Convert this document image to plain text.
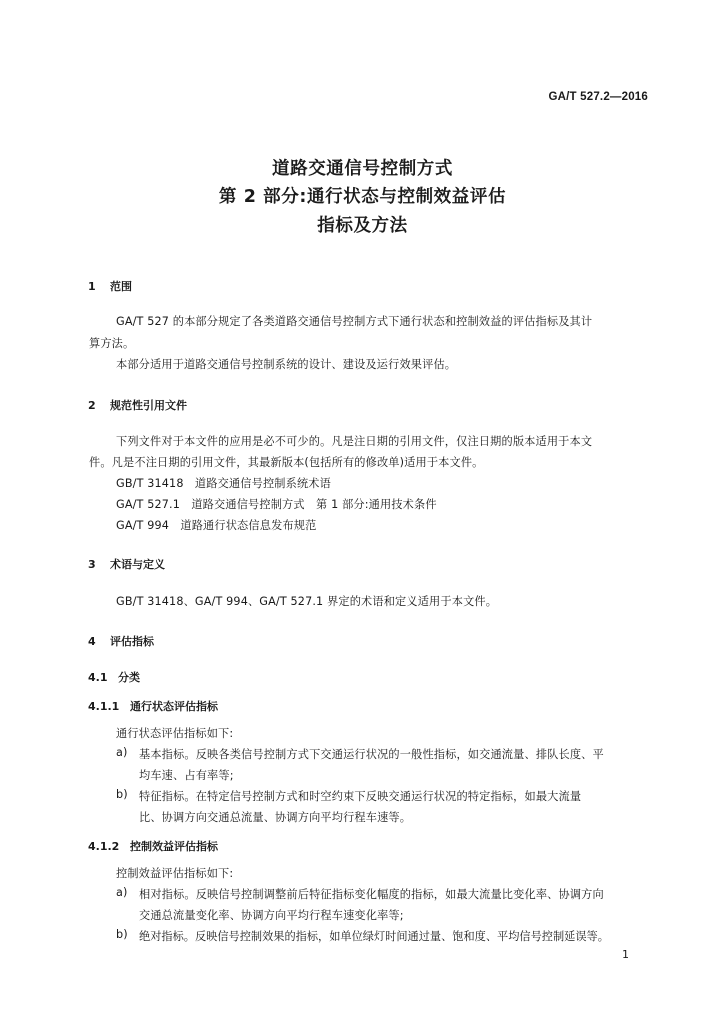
GA/T 527.2—2016
道路交通信号控制方式
第 2 部分:通行状态与控制效益评估
指标及方法
1 范围
GA/T 527 的本部分规定了各类道路交通信号控制方式下通行状态和控制效益的评估指标及其计
算方法。
本部分适用于道路交通信号控制系统的设计、建设及运行效果评估。
2 规范性引用文件
下列文件对于本文件的应用是必不可少的。凡是注日期的引用文件，仅注日期的版本适用于本文
件。凡是不注日期的引用文件，其最新版本(包括所有的修改单)适用于本文件。
GB/T 31418　道路交通信号控制系统术语
GA/T 527.1　道路交通信号控制方式　第 1 部分:通用技术条件
GA/T 994　道路通行状态信息发布规范
3 术语与定义
GB/T 31418、GA/T 994、GA/T 527.1 界定的术语和定义适用于本文件。
4 评估指标
4.1 分类
4.1.1 通行状态评估指标
通行状态评估指标如下:
a) 基本指标。反映各类信号控制方式下交通运行状况的一般性指标，如交通流量、排队长度、平
均车速、占有率等;
b) 特征指标。在特定信号控制方式和时空约束下反映交通运行状况的特定指标，如最大流量
比、协调方向交通总流量、协调方向平均行程车速等。
4.1.2 控制效益评估指标
控制效益评估指标如下:
a) 相对指标。反映信号控制调整前后特征指标变化幅度的指标，如最大流量比变化率、协调方向
交通总流量变化率、协调方向平均行程车速变化率等;
b) 绝对指标。反映信号控制效果的指标，如单位绿灯时间通过量、饱和度、平均信号控制延误等。
1
